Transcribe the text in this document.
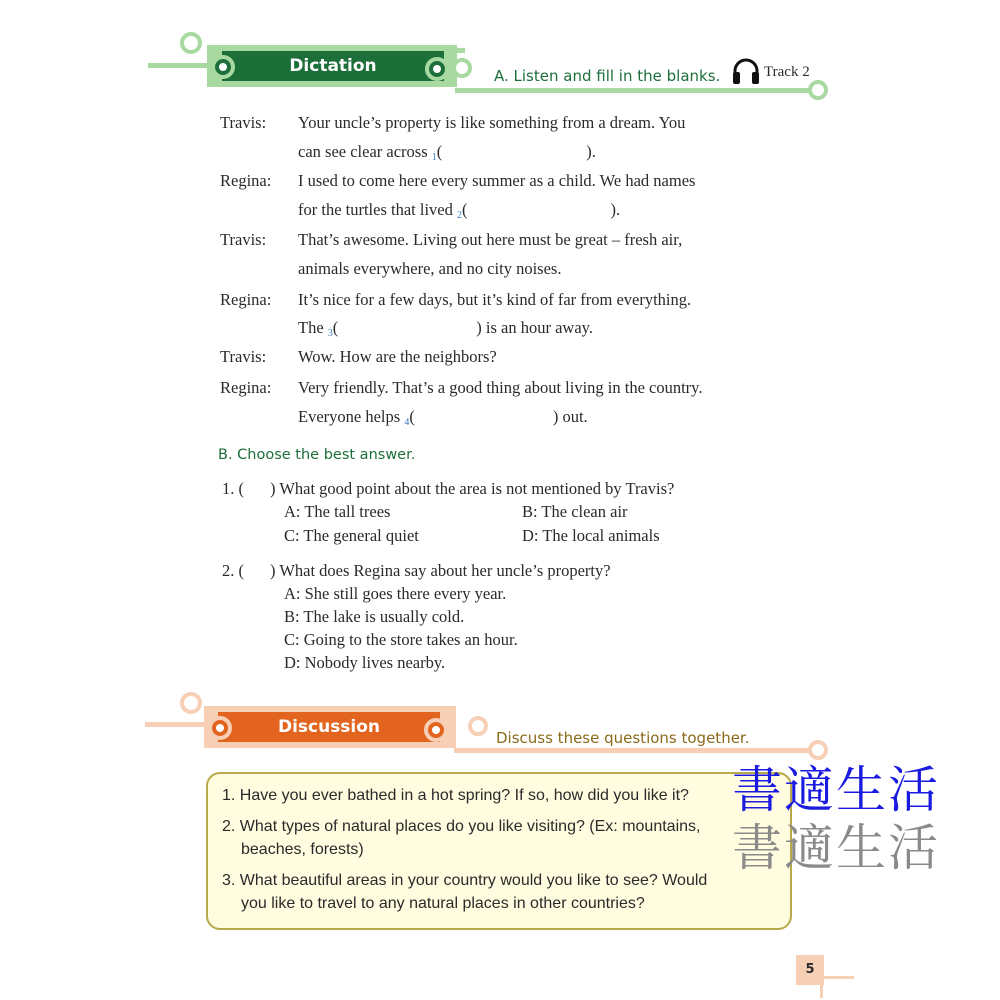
Dictation	A. Listen and fill in the blanks.	Track 2
Travis:	Your uncle’s property is like something from a dream. You
can see clear across $_1$(	).
Regina:	I used to come here every summer as a child. We had names
for the turtles that lived $_2$(	).
Travis:	That’s awesome. Living out here must be great – fresh air,
animals everywhere, and no city noises.
Regina:	It’s nice for a few days, but it’s kind of far from everything.
The $_3$(	) is an hour away.
Travis:	Wow. How are the neighbors?
Regina:	Very friendly. That’s a good thing about living in the country.
Everyone helps $_4$(	) out.
B. Choose the best answer.
1. ( ) What good point about the area is not mentioned by Travis?
A: The tall trees	B: The clean air
C: The general quiet	D: The local animals
2. ( ) What does Regina say about her uncle’s property?
A: She still goes there every year.
B: The lake is usually cold.
C: Going to the store takes an hour.
D: Nobody lives nearby.
Discussion
Discuss these questions together.
1. Have you ever bathed in a hot spring? If so, how did you like it?
2. What types of natural places do you like visiting? (Ex: mountains,
beaches, forests)
3. What beautiful areas in your country would you like to see? Would
you like to travel to any natural places in other countries?
書適生活
書適生活
5
